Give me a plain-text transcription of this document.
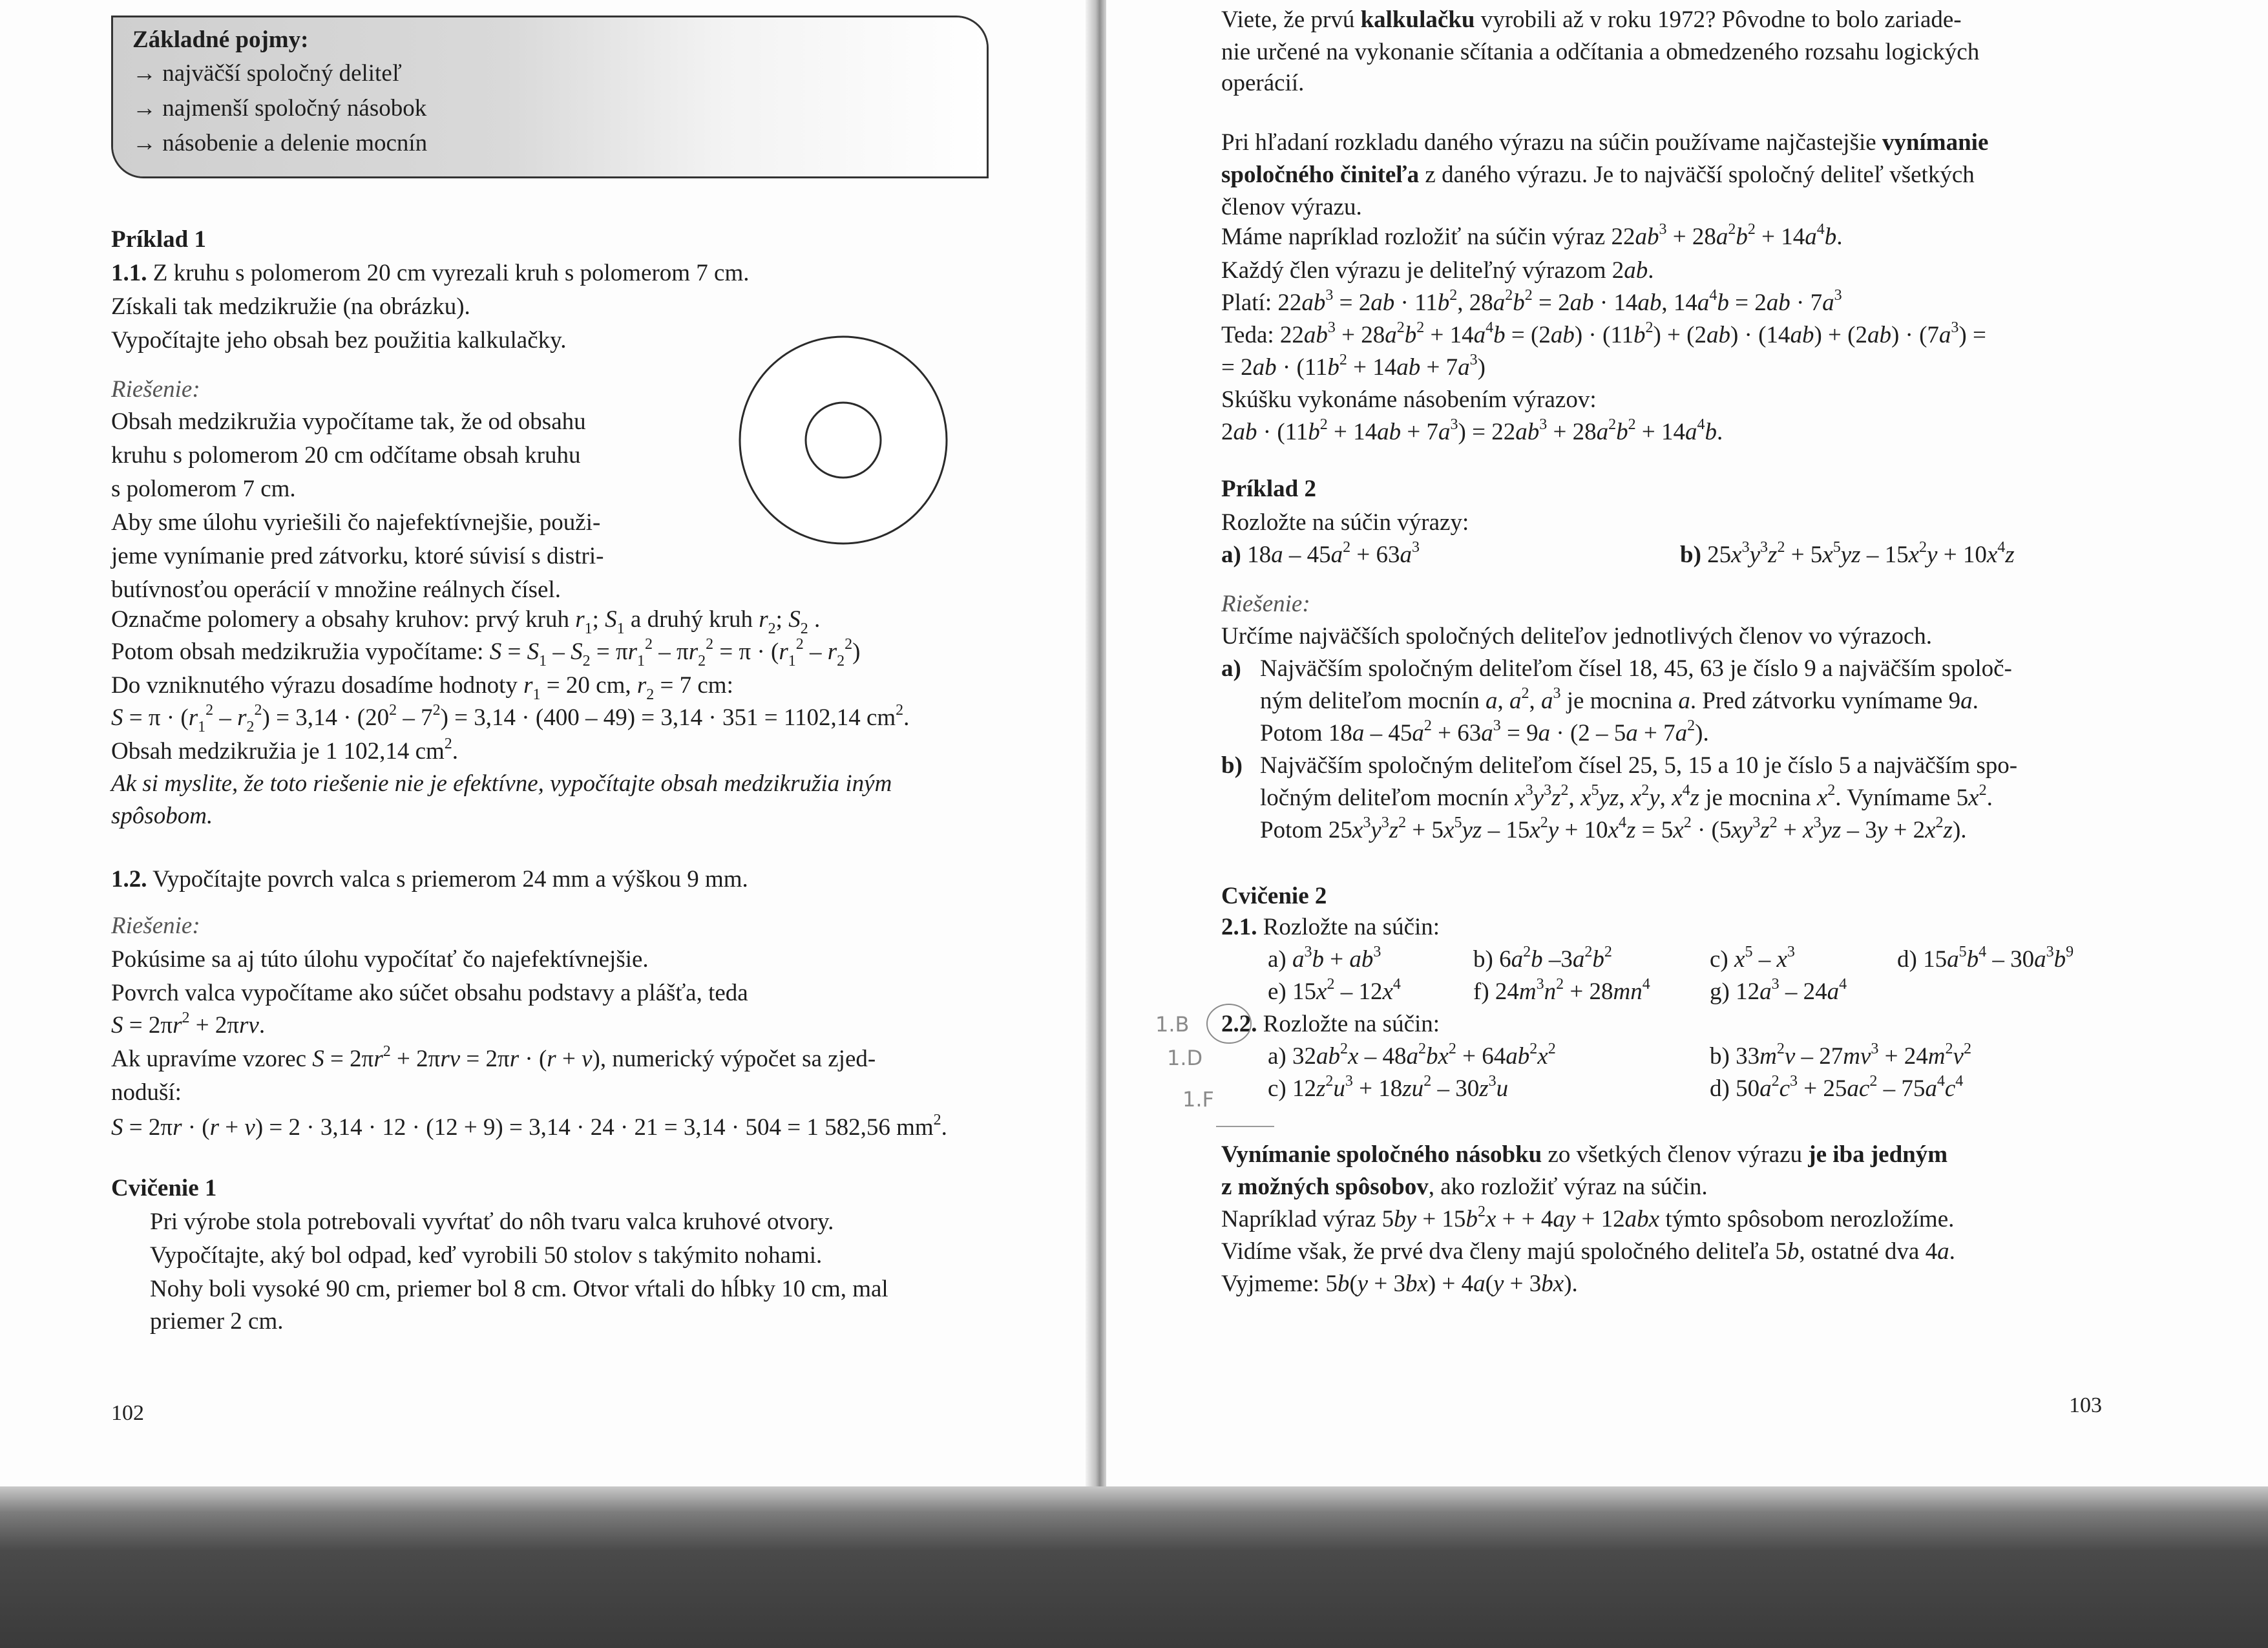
Základné pojmy:
→ najväčší spoločný deliteľ
→ najmenší spoločný násobok
→ násobenie a delenie mocnín
Príklad 1
1.1. Z kruhu s polomerom 20 cm vyrezali kruh s polomerom 7 cm.
Získali tak medzikružie (na obrázku).
Vypočítajte jeho obsah bez použitia kalkulačky.
Riešenie:
Obsah medzikružia vypočítame tak, že od obsahu
kruhu s polomerom 20 cm odčítame obsah kruhu
s polomerom 7 cm.
Aby sme úlohu vyriešili čo najefektívnejšie, použi-
jeme vynímanie pred zátvorku, ktoré súvisí s distri-
butívnosťou operácií v množine reálnych čísel.
Označme polomery a obsahy kruhov: prvý kruh $r_1$; $S_1$ a druhý kruh $r_2$; $S_2$ .
Potom obsah medzikružia vypočítame: $S = S_1 - S_2 = \pi r_1^2 - \pi r_2^2 = \pi \cdot (r_1^2 - r_2^2)$
Do vzniknutého výrazu dosadíme hodnoty $r_1 = 20$ cm, $r_2 = 7$ cm:
$S = \pi \cdot (r_1^2 - r_2^2) = 3,14 \cdot (20^2 - 7^2) = 3,14 \cdot (400 - 49) = 3,14 \cdot 351 = 1102,14$ $cm^2$.
Obsah medzikružia je 1 102,14 $cm^2$.
Ak si myslite, že toto riešenie nie je efektívne, vypočítajte obsah medzikružia iným
spôsobom.
1.2. Vypočítajte povrch valca s priemerom 24 mm a výškou 9 mm.
Riešenie:
Pokúsime sa aj túto úlohu vypočítať čo najefektívnejšie.
Povrch valca vypočítame ako súčet obsahu podstavy a plášťa, teda
$S = 2\pi r^2 + 2\pi rv$.
Ak upravíme vzorec $S = 2\pi r^2 + 2\pi rv = 2\pi r \cdot (r + v)$, numerický výpočet sa zjed-
noduší:
S = 2πr · (r + v) = 2 · 3,14 · 12 · (12 + 9) = 3,14 · 24 · 21 = 3,14 · 504 = 1 582,56 $mm^2$.
Cvičenie 1
Pri výrobe stola potrebovali vyvŕtať do nôh tvaru valca kruhové otvory.
Vypočítajte, aký bol odpad, keď vyrobili 50 stolov s takýmito nohami.
Nohy boli vysoké 90 cm, priemer bol 8 cm. Otvor vŕtali do hĺbky 10 cm, mal
priemer 2 cm.
102
Viete, že prvú kalkulačku vyrobili až v roku 1972? Pôvodne to bolo zariade-
nie určené na vykonanie sčítania a odčítania a obmedzeného rozsahu logických
operácií.
Pri hľadaní rozkladu daného výrazu na súčin používame najčastejšie vynímanie
spoločného činiteľa z daného výrazu. Je to najväčší spoločný deliteľ všetkých
členov výrazu.
Máme napríklad rozložiť na súčin výraz $22ab^3 + 28a^2b^2 + 14a^4b$.
Každý člen výrazu je deliteľný výrazom 2ab.
Platí: $22ab^3 = 2ab \cdot 11b^2$, $28a^2b^2 = 2ab \cdot 14ab$, $14a^4b = 2ab \cdot 7a^3$
Teda: $22ab^3 + 28a^2b^2 + 14a^4b = (2ab) \cdot (11b^2) + (2ab) \cdot (14ab) + (2ab) \cdot (7a^3)$ =
= $2ab \cdot (11b^2 + 14ab + 7a^3)$
Skúšku vykonáme násobením výrazov:
$2ab \cdot (11b^2 + 14ab + 7a^3) = 22ab^3 + 28a^2b^2 + 14a^4b$.
Príklad 2
Rozložte na súčin výrazy:
a) $18a - 45a^2 + 63a^3$	b) $25x^3y^3z^2 + 5x^5yz - 15x^2y + 10x^4z$
Riešenie:
Určíme najväčších spoločných deliteľov jednotlivých členov vo výrazoch.
a) Najväčším spoločným deliteľom čísel 18, 45, 63 je číslo 9 a najväčším spoloč-
ným deliteľom mocnín a, $a^2$, $a^3$ je mocnina a. Pred zátvorku vynímame 9a.
Potom $18a - 45a^2 + 63a^3 = 9a \cdot (2 - 5a + 7a^2)$.
b) Najväčším spoločným deliteľom čísel 25, 5, 15 a 10 je číslo 5 a najväčším spo-
ločným deliteľom mocnín $x^3y^3z^2$, $x^5yz$, $x^2y$, $x^4z$ je mocnina $x^2$. Vynímame $5x^2$.
Potom $25x^3y^3z^2 + 5x^5yz - 15x^2y + 10x^4z = 5x^2 \cdot (5xy^3z^2 + x^3yz - 3y + 2x^2z)$.
Cvičenie 2
2.1. Rozložte na súčin:
a) $a^3b + ab^3$	b) $6a^2b$ $-3a^2b^2$	c) $x^5 - x^3$	d) $15a^5b^4 - 30a^3b^9$
e) $15x^2 - 12x^4$	f) $24m^3n^2 + 28mn^4$ g) $12a^3 - 24a^4$
2.2. Rozložte na súčin:
a) $32ab^2x - 48a^2bx^2 + 64ab^2x^2$	b) $33m^2v - 27mv^3 + 24m^2v^2$
c) $12z^2u^3 + 18zu^2 - 30z^3u$	d) $50a^2c^3 + 25ac^2 - 75a^4c^4$
1.B
1.D
1.F
Vynímanie spoločného násobku zo všetkých členov výrazu je iba jedným
z možných spôsobov, ako rozložiť výraz na súčin.
Napríklad výraz $5by + 15b^2x$ + + 4ay + 12abx týmto spôsobom nerozložíme.
Vidíme však, že prvé dva členy majú spoločného deliteľa 5b, ostatné dva 4a.
Vyjmeme: 5b(y + 3bx) + 4a(y + 3bx).
103
